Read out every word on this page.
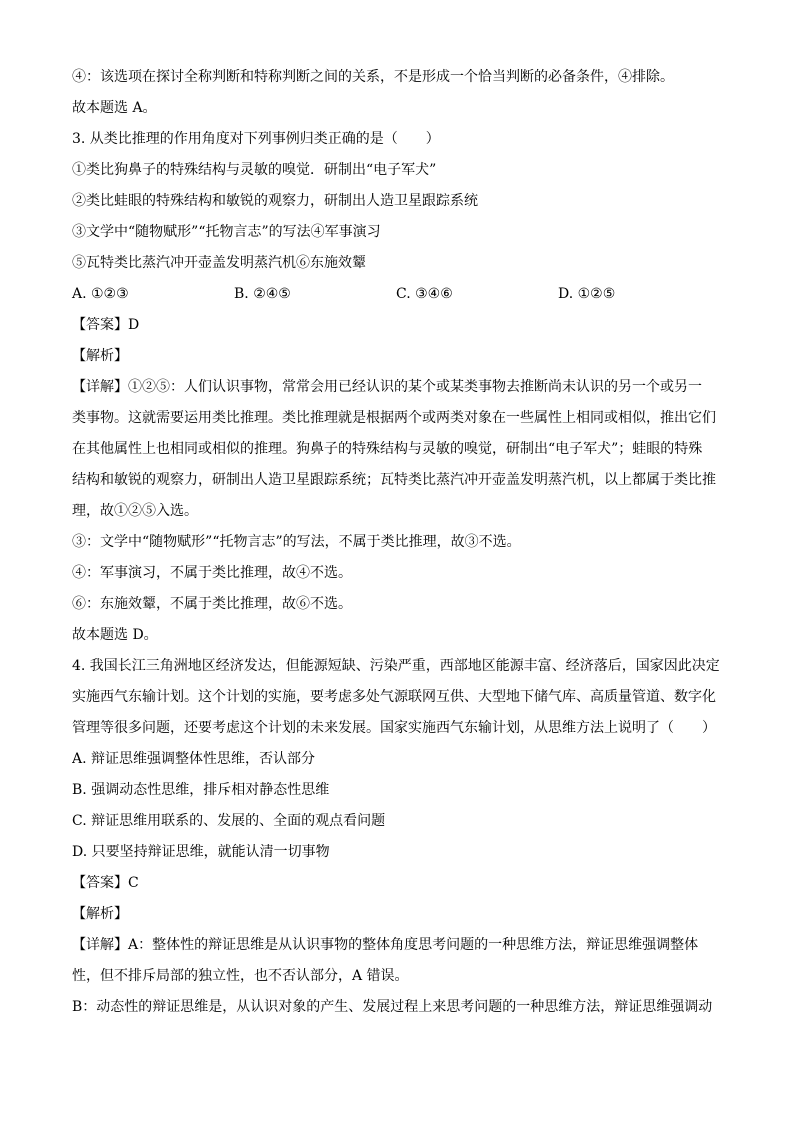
④：该选项在探讨全称判断和特称判断之间的关系，不是形成一个恰当判断的必备条件，④排除。
故本题选 A。
3. 从类比推理的作用角度对下列事例归类正确的是（　　）
①类比狗鼻子的特殊结构与灵敏的嗅觉．研制出“电子军犬”
②类比蛙眼的特殊结构和敏锐的观察力，研制出人造卫星跟踪系统
③文学中“随物赋形”“托物言志”的写法④军事演习
⑤瓦特类比蒸汽冲开壶盖发明蒸汽机⑥东施效颦
A. ①②③	B. ②④⑤	C. ③④⑥	D. ①②⑤
【答案】D
【解析】
【详解】①②⑤：人们认识事物，常常会用已经认识的某个或某类事物去推断尚未认识的另一个或另一
类事物。这就需要运用类比推理。类比推理就是根据两个或两类对象在一些属性上相同或相似，推出它们
在其他属性上也相同或相似的推理。狗鼻子的特殊结构与灵敏的嗅觉，研制出“电子军犬”；蛙眼的特殊
结构和敏锐的观察力，研制出人造卫星跟踪系统；瓦特类比蒸汽冲开壶盖发明蒸汽机，以上都属于类比推
理，故①②⑤入选。
③：文学中“随物赋形”“托物言志”的写法，不属于类比推理，故③不选。
④：军事演习，不属于类比推理，故④不选。
⑥：东施效颦，不属于类比推理，故⑥不选。
故本题选 D。
4. 我国长江三角洲地区经济发达，但能源短缺、污染严重，西部地区能源丰富、经济落后，国家因此决定
实施西气东输计划。这个计划的实施，要考虑多处气源联网互供、大型地下储气库、高质量管道、数字化
管理等很多问题，还要考虑这个计划的未来发展。国家实施西气东输计划，从思维方法上说明了（　　）
A. 辩证思维强调整体性思维，否认部分
B. 强调动态性思维，排斥相对静态性思维
C. 辩证思维用联系的、发展的、全面的观点看问题
D. 只要坚持辩证思维，就能认清一切事物
【答案】C
【解析】
【详解】A：整体性的辩证思维是从认识事物的整体角度思考问题的一种思维方法，辩证思维强调整体
性，但不排斥局部的独立性，也不否认部分，A 错误。
B：动态性的辩证思维是，从认识对象的产生、发展过程上来思考问题的一种思维方法，辩证思维强调动
